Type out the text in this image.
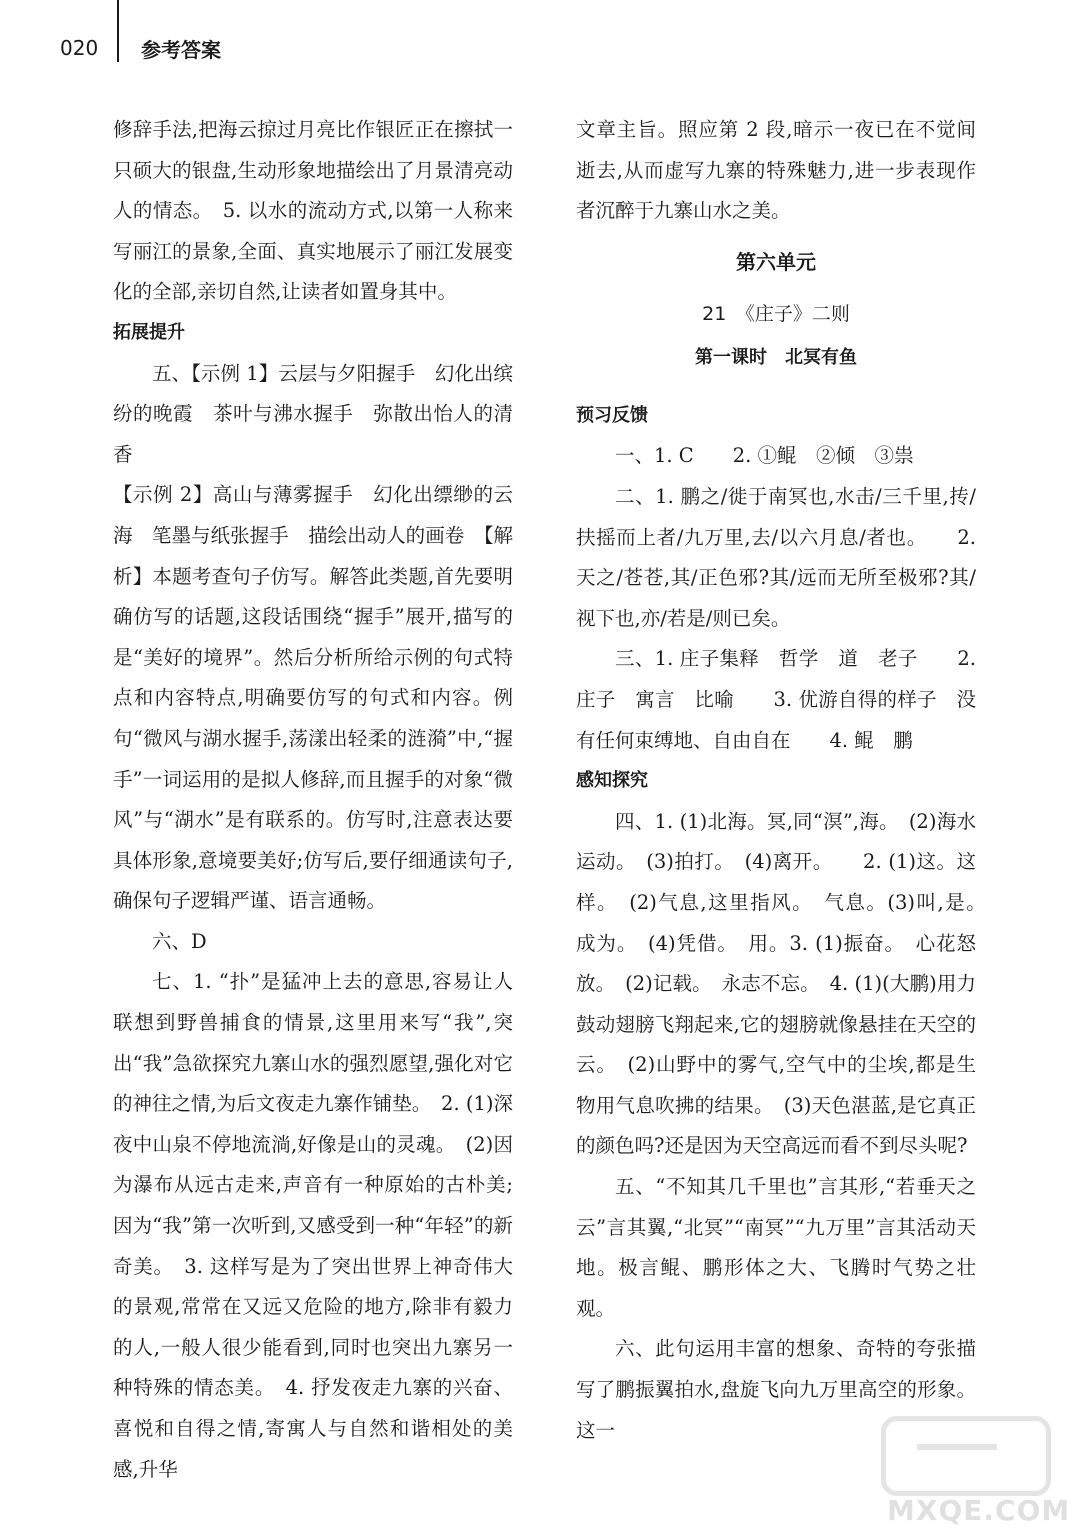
020 参考答案

修辞手法,把海云掠过月亮比作银匠正在擦拭一只硕大的银盘,生动形象地描绘出了月景清亮动人的情态。　5. 以水的流动方式,以第一人称来写丽江的景象,全面、真实地展示了丽江发展变化的全部,亲切自然,让读者如置身其中。

拓展提升

五、【示例 1】云层与夕阳握手　幻化出缤纷的晚霞　茶叶与沸水握手　弥散出怡人的清香

【示例 2】高山与薄雾握手　幻化出缥缈的云海　笔墨与纸张握手　描绘出动人的画卷　【解析】本题考查句子仿写。解答此类题,首先要明确仿写的话题,这段话围绕“握手”展开,描写的是“美好的境界”。然后分析所给示例的句式特点和内容特点,明确要仿写的句式和内容。例句“微风与湖水握手,荡漾出轻柔的涟漪”中,“握手”一词运用的是拟人修辞,而且握手的对象“微风”与“湖水”是有联系的。仿写时,注意表达要具体形象,意境要美好;仿写后,要仔细通读句子,确保句子逻辑严谨、语言通畅。

六、D

七、1. “扑”是猛冲上去的意思,容易让人联想到野兽捕食的情景,这里用来写“我”,突出“我”急欲探究九寨山水的强烈愿望,强化对它的神往之情,为后文夜走九寨作铺垫。　2. (1)深夜中山泉不停地流淌,好像是山的灵魂。　(2)因为瀑布从远古走来,声音有一种原始的古朴美;因为“我”第一次听到,又感受到一种“年轻”的新奇美。　3. 这样写是为了突出世界上神奇伟大的景观,常常在又远又危险的地方,除非有毅力的人,一般人很少能看到,同时也突出九寨另一种特殊的情态美。　4. 抒发夜走九寨的兴奋、喜悦和自得之情,寄寓人与自然和谐相处的美感,升华

文章主旨。照应第 2 段,暗示一夜已在不觉间逝去,从而虚写九寨的特殊魅力,进一步表现作者沉醉于九寨山水之美。

第六单元

21　《庄子》二则

第一课时　北冥有鱼

预习反馈

一、1. C　　2. ①鲲　②倾　③祟

二、1. 鹏之/徙于南冥也,水击/三千里,抟/扶摇而上者/九万里,去/以六月息/者也。　　2. 天之/苍苍,其/正色邪?其/远而无所至极邪?其/视下也,亦/若是/则已矣。

三、1. 庄子集释　哲学　道　老子　　2. 庄子　寓言　比喻　　3. 优游自得的样子　没有任何束缚地、自由自在　　4. 鲲　鹏

感知探究

四、1. (1)北海。冥,同“溟”,海。　(2)海水运动。　(3)拍打。　(4)离开。　　2. (1)这。这样。　(2)气息,这里指风。　气息。(3)叫,是。　成为。　(4)凭借。　用。3. (1)振奋。　心花怒放。　(2)记载。　永志不忘。　4. (1)(大鹏)用力鼓动翅膀飞翔起来,它的翅膀就像悬挂在天空的云。　(2)山野中的雾气,空气中的尘埃,都是生物用气息吹拂的结果。　(3)天色湛蓝,是它真正的颜色吗?还是因为天空高远而看不到尽头呢?

五、“不知其几千里也”言其形,“若垂天之云”言其翼,“北冥”“南冥”“九万里”言其活动天地。极言鲲、鹏形体之大、飞腾时气势之壮观。

六、此句运用丰富的想象、奇特的夸张描写了鹏振翼拍水,盘旋飞向九万里高空的形象。这一

MXQE.COM
